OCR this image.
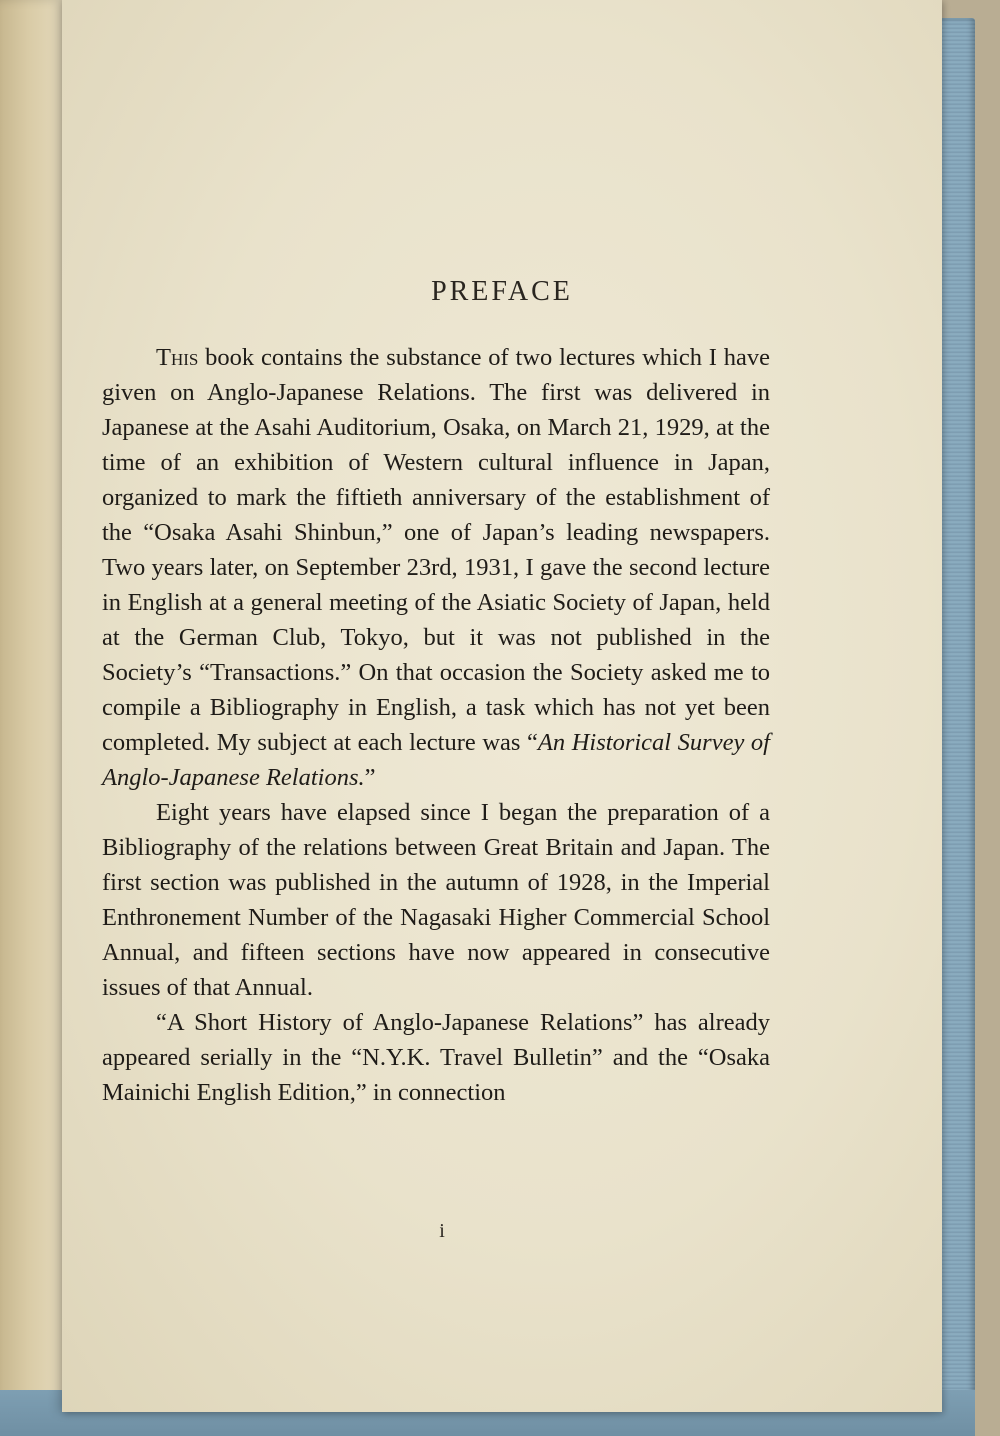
PREFACE

This book contains the substance of two lectures which I have given on Anglo-Japanese Relations. The first was delivered in Japanese at the Asahi Auditorium, Osaka, on March 21, 1929, at the time of an exhibition of Western cultural influence in Japan, organized to mark the fiftieth anniversary of the establishment of the “Osaka Asahi Shinbun,” one of Japan’s leading newspapers. Two years later, on September 23rd, 1931, I gave the second lecture in English at a general meeting of the Asiatic Society of Japan, held at the German Club, Tokyo, but it was not published in the Society’s “Transactions.” On that occasion the Society asked me to compile a Bibliography in English, a task which has not yet been completed. My subject at each lecture was “An Historical Survey of Anglo-Japanese Relations.”

Eight years have elapsed since I began the preparation of a Bibliography of the relations between Great Britain and Japan. The first section was published in the autumn of 1928, in the Imperial Enthronement Number of the Nagasaki Higher Commercial School Annual, and fifteen sections have now appeared in consecutive issues of that Annual.

“A Short History of Anglo-Japanese Relations” has already appeared serially in the “N.Y.K. Travel Bulletin” and the “Osaka Mainichi English Edition,” in connection

i
